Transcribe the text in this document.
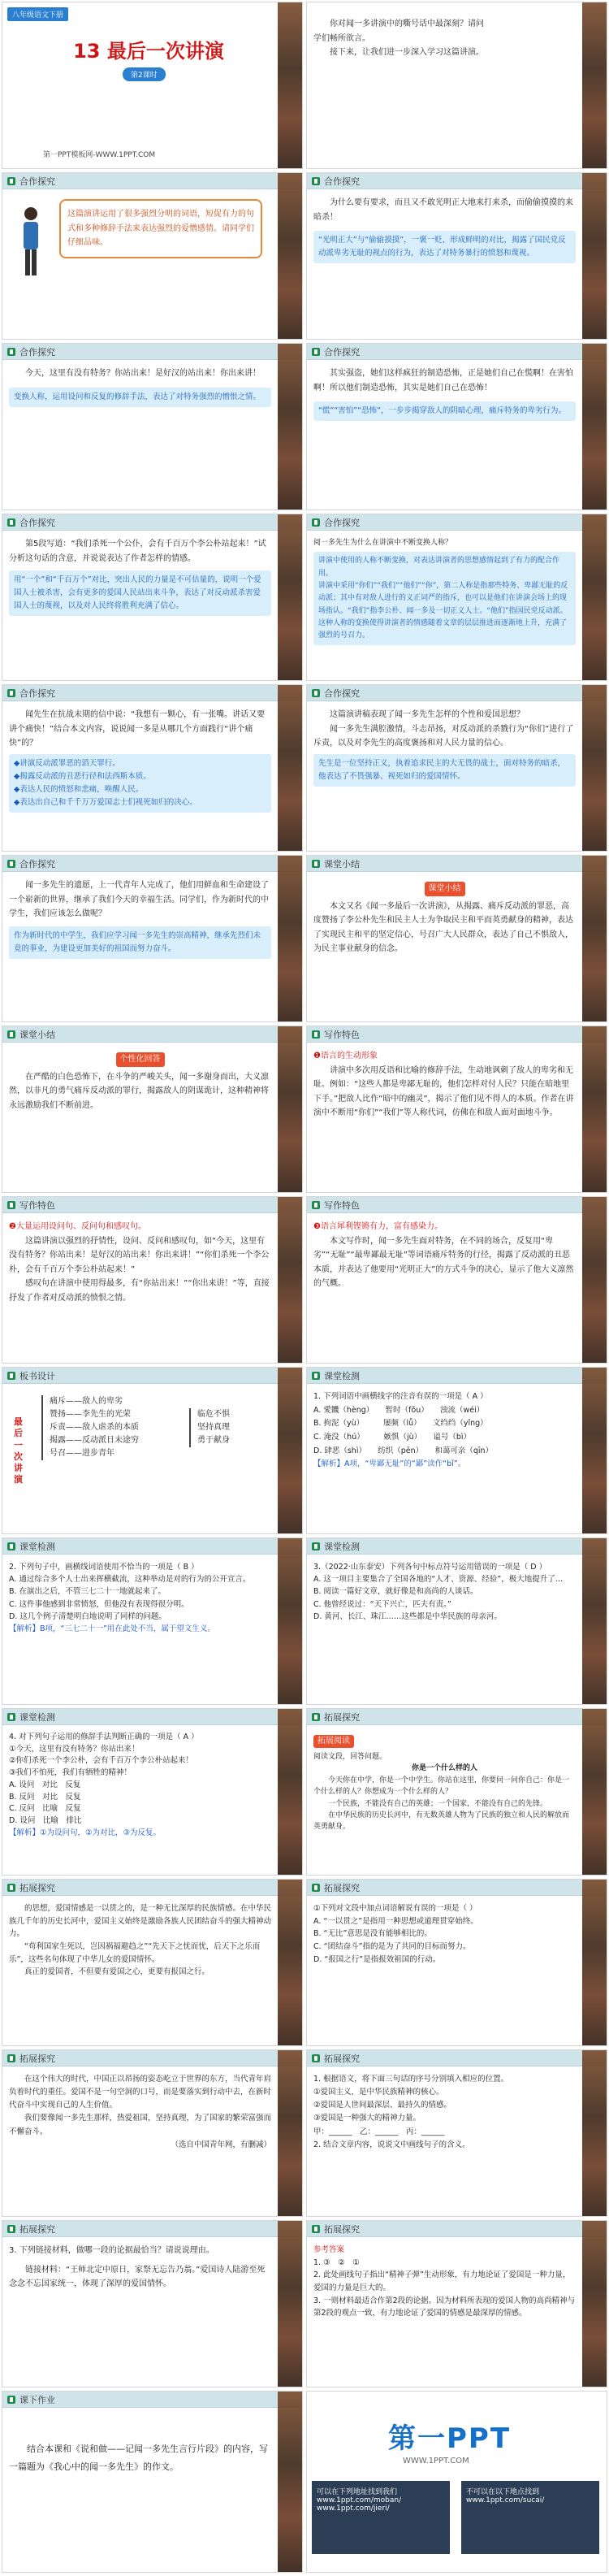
八年级语文下册
13 最后一次讲演
第2课时
第一PPT模板网-WWW.1PPT.COM

你对闻一多讲演中的嘶号话中最深刻？请问

学们畅所欲言。

接下来，让我们进一步深入学习这篇讲演。

合作探究
这篇演讲运用了很多强烈分明的词语，短促有力的句式和多种修辞手法来表达强烈的爱憎感情。请同学们仔细品味。
合作探究

为什么要有要求，而且又不敢光明正大地来打来杀，而偷偷摸摸的来暗杀！

“光明正大”与“偷偷摸摸”，一褒一贬，形成鲜明的对比，揭露了国民党反动派卑劣无耻的视点的行为，表达了对特务暴行的愤怒和蔑视。
合作探究

今天，这里有没有特务？你站出来！是好汉的站出来！你出来讲！

变换人称，运用设问和反复的修辞手法，表达了对特务强烈的憎恨之情。
合作探究

其实强盗，她们这样疯狂的制造恐怖，正是她们自己在慌啊！在害怕啊！所以他们制造恐怖，其实是她们自己在恐怖！

“慌”“害怕”“恐怖”，一步步揭穿敌人的阴暗心理，痛斥特务的卑劣行为。
合作探究

第5段写道：“我们杀死一个公仆，会有千百万个李公朴站起来！”试分析这句话的含意，并说说表达了作者怎样的情感。

用“一个”和“千百万个”对比，突出人民的力量是不可估量的，说明一个爱国人士被杀害，会有更多的爱国人民站出来斗争，表达了对反动派杀害爱国人士的蔑视，以及对人民终将胜利充满了信心。
合作探究

阅一多先生为什么在讲演中不断变换人称？

讲演中使用的人称不断变换，对表达讲演者的思想感情起到了有力的配合作用。
讲演中采用“你们”“我们”“他们”“你”，第二人称是指那些特务、卑鄙无耻的反动派；其中有对敌人进行的义正词严的指斥，也可以是他们在讲演会场上的现场指认。“我们”指李公朴、闻一多及一切正义人士。“他们”指国民党反动派。
这种人称的变换使得讲演者的情感随着文章的层层推进而逐渐地上升，充满了强烈的号召力。
合作探究

闻先生在抗战末期的信中说：“我想有一颗心，有一张嘴。讲话又要讲个痛快！”结合本文内容，说说闻一多是从哪几个方面践行“讲个痛快”的？

◆讲演反动派罪恶的滔天罪行。
◆揭露反动派的丑恶行径和法西斯本质。
◆表达人民的愤怒和悲痛，唤醒人民。
◆表达出自己和千千万万爱国志士们视死如归的决心。
合作探究

这篇演讲稿表现了闻一多先生怎样的个性和爱国思想？

闻一多先生满腔激情，斗志昂扬，对反动派的杀戮行为“你们”进行了斥责，以及对李先生的高度褒扬和对人民力量的信心。

先生是一位坚持正义，执着追求民主的大无畏的战士，面对特务的暗杀，他表达了不畏强暴、视死如归的爱国情怀。
合作探究

闻一多先生的遗愿，上一代青年人完成了，他们用鲜血和生命建设了一个崭新的世界，继承了我们今天的幸福生活。同学们，作为新时代的中学生，我们应该怎么做呢？

作为新时代的中学生，我们应学习闻一多先生的崇高精神，继承先烈们未竟的事业，为建设更加美好的祖国而努力奋斗。
课堂小结
课堂小结

本文又名《闻一多最后一次讲演》，从揭露、痛斥反动派的罪恶，高度赞扬了李公朴先生和民主人士为争取民主和平而英勇献身的精神，表达了实现民主和平的坚定信心，号召广大人民群众，表达了自己不惧敌人，为民主事业献身的信念。

课堂小结
个性化回答

在严酷的白色恐怖下，在斗争的严峻关头，闻一多谢身而出，大义凛然，以非凡的勇气痛斥反动派的罪行，揭露敌人的阴谋诡计，这种精神将永远激励我们不断前进。

写作特色
❶语言的生动形象

讲演中多次用反语和比喻的修辞手法，生动地讽刺了敌人的卑劣和无耻。例如：“这些人都是卑鄙无耻的，他们怎样对付人民？只能在暗地里下手。”把敌人比作“暗中的幽灵”，揭示了他们见不得人的本质。作者在讲演中不断用“你们”“我们”等人称代词，仿佛在和敌人面对面地斗争。

写作特色
❷大量运用设问句、反问句和感叹句。

这篇讲演以强烈的抒情性，设问、反问和感叹句，如“今天，这里有没有特务？你站出来！是好汉的站出来！你出来讲！”“你们杀死一个李公朴，会有千百万个李公朴站起来！”

感叹句在讲演中使用得最多，有“你站出来！”“你出来讲！”等，直接抒发了作者对反动派的愤恨之情。

写作特色
❸语言犀利铿锵有力，富有感染力。

本文写作时，闻一多先生面对特务，在不同的场合，反复用“卑劣”“无耻”“最卑鄙最无耻”等词语痛斥特务的行径，揭露了反动派的丑恶本质，并表达了他要用“光明正大”的方式斗争的决心，显示了他大义凛然的气概。

板书设计
最后一次讲演
痛斥——敌人的卑劣
赞扬——李先生的光荣
斥责——敌人虐杀的本质
揭露——反动派日末途穷
号召——进步青年
临危不惧
坚持真理
勇于献身
课堂检测
1. 下列词语中画横线字的注音有误的一项是（ A ）
A. 愛饑（hèng）　　暂时（fǒu）　　浊流（wéi）
B. 拘泥（yù）　　　屡频（lǚ）　　文绉绉（yǐng）
C. 淹没（hú）　　　嫉惧（jù）　　谥号（bì）
D. 肆恶（shì）　　纺织（pēn）　　和蔼可亲（qīn）
【解析】A项，“卑鄙无耻”的“鄙”读作“bǐ”。
课堂检测
2. 下列句子中，画横线词语使用不恰当的一项是（ B ）
A. 通过综合多个人士出来挥横截流，这种举动是对的行为的公开宣言。
B. 在演出之后，不管三七二十一地就起来了。
C. 这件事他感到非常愤怒，但他没有表现得很分明。
D. 这几个例子清楚明白地说明了同样的问题。
【解析】B项，“三七二十一”用在此处不当，属于望文生义。
课堂检测
3.（2022·山东泰安）下列各句中标点符号运用错误的一项是（ D ）
A. 这一项目主要集合了全国各地的“人才、资源、经验”，极大地提升了…
B. 阅读一篇好文章，就好像是和高尚的人谈话。
C. 他曾经说过：“天下兴亡，匹夫有责。”
D. 黄河、长江、珠江……这些都是中华民族的母亲河。
课堂检测
4. 对下列句子运用的修辞手法判断正确的一项是（ A ）
①今天，这里有没有特务？你站出来！
②你们杀死一个李公朴，会有千百万个李公朴站起来！
③我们不怕死，我们有牺牲的精神！
A. 设问　对比　反复
B. 反问　对比　反复
C. 反问　比喻　反复
D. 设问　比喻　排比
【解析】①为设问句，②为对比，③为反复。
拓展探究
拓展阅读
阅读文段，回答问题。
你是一个什么样的人

今天你在中学，你是一个中学生。你站在这里，你要问一问你自己：你是一个什么样的人？你想成为一个什么样的人？

一个民族，不能没有自己的英雄；一个国家，不能没有自己的先锋。

在中华民族的历史长河中，有无数英雄人物为了民族的独立和人民的解放而英勇献身。

拓展探究

的思想，爱国情感是一以贯之的，是一种无比深厚的民族情感。在中华民族几千年的历史长河中，爱国主义始终是激励各族人民团结奋斗的强大精神动力。

“苟利国家生死以，岂因祸福避趋之”“先天下之忧而忧，后天下之乐而乐”，这些名句体现了中华儿女的爱国情怀。

真正的爱国者，不但要有爱国之心，更要有报国之行。

拓展探究
①下列对文段中加点词语解说有误的一项是（ ）
A. “一以贯之”是指用一种思想或道理贯穿始终。
B. “无比”意思是没有能够相比的。
C. “团结奋斗”指的是为了共同的目标而努力。
D. “报国之行”是指报效祖国的行动。
拓展探究

在这个伟大的时代，中国正以昂扬的姿态屹立于世界的东方，当代青年肩负着时代的重任。爱国不是一句空洞的口号，而是要落实到行动中去，在新时代奋斗中实现自己的人生价值。

我们要像闻一多先生那样，热爱祖国，坚持真理，为了国家的繁荣富强而不懈奋斗。

（选自中国青年网，有删减）
拓展探究
1. 根据语文，将下面三句话的序号分别填入相应的位置。
①爱国主义，是中华民族精神的核心。
②爱国是人世间最深层、最持久的情感。
③爱国是一种强大的精神力量。
甲：______　乙：______　丙：______
2. 结合文章内容，说说文中画线句子的含义。
拓展探究
3. 下列链接材料，做哪一段的论据最恰当？请说说理由。

链接材料：“王师北定中原日，家祭无忘告乃翁。”爱国诗人陆游至死念念不忘国家统一，体现了深厚的爱国情怀。

拓展探究
参考答案
1. ③　②　①
2. 此处画线句子指出“精神子弹”生动形象，有力地论证了爱国是一种力量，爱国的力量是巨大的。
3. 一则材料最适合作第2段的论据。因为材料所表现的爱国人物的高尚精神与第2段的观点一致，有力地论证了爱国的情感是最深厚的情感。
课下作业

结合本课和《说和做——记闻一多先生言行片段》的内容，写一篇题为《我心中的闻一多先生》的作文。

第一PPT
WWW.1PPT.COM
可以在下列地址找到我们
www.1ppt.com/moban/
www.1ppt.com/jieri/
不可以在以下地点找到
www.1ppt.com/sucai/
